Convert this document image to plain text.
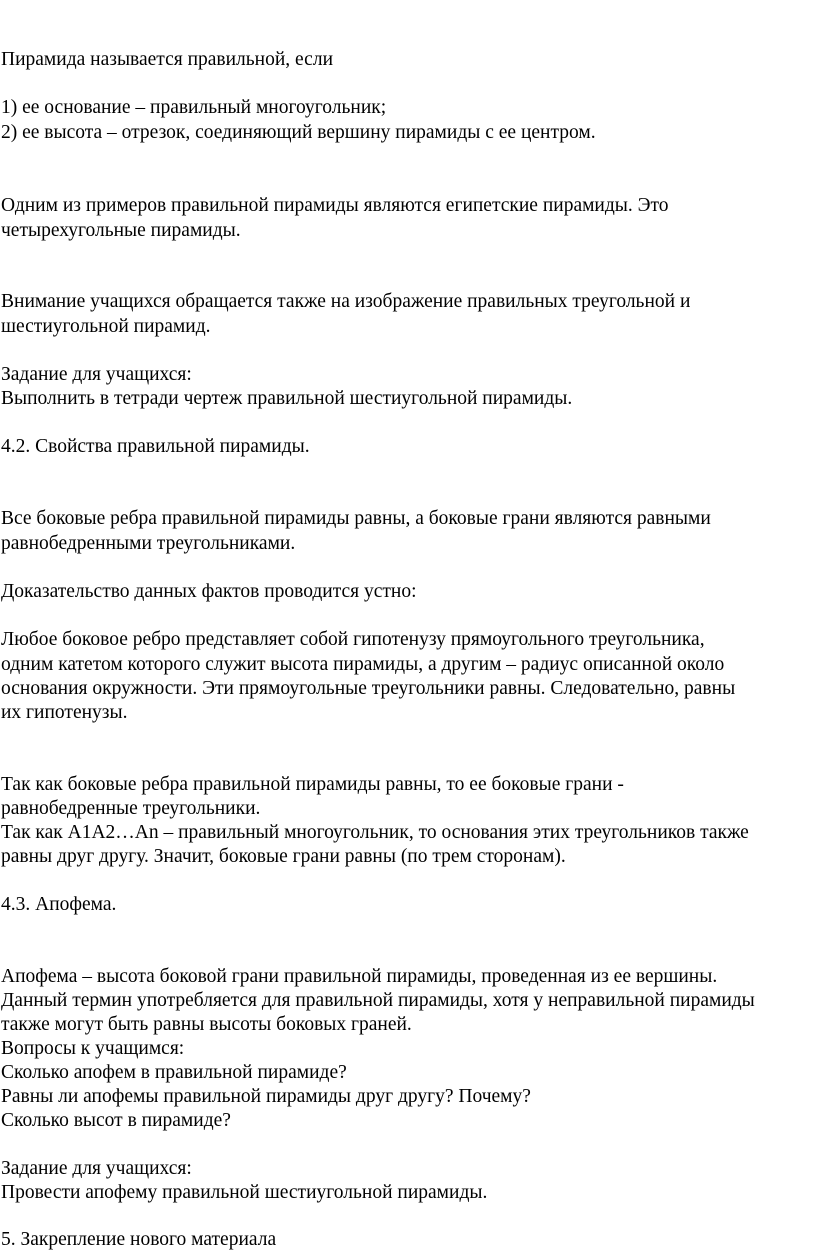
Пирамида называется правильной, если
1) ее основание – правильный многоугольник;
2) ее высота – отрезок, соединяющий вершину пирамиды с ее центром.
Одним из примеров правильной пирамиды являются египетские пирамиды. Это
четырехугольные пирамиды.
Внимание учащихся обращается также на изображение правильных треугольной и
шестиугольной пирамид.
Задание для учащихся:
Выполнить в тетради чертеж правильной шестиугольной пирамиды.
4.2. Свойства правильной пирамиды.
Все боковые ребра правильной пирамиды равны, а боковые грани являются равными
равнобедренными треугольниками.
Доказательство данных фактов проводится устно:
Любое боковое ребро представляет собой гипотенузу прямоугольного треугольника,
одним катетом которого служит высота пирамиды, а другим – радиус описанной около
основания окружности. Эти прямоугольные треугольники равны. Следовательно, равны
их гипотенузы.
Так как боковые ребра правильной пирамиды равны, то ее боковые грани -
равнобедренные треугольники.
Так как А1А2…Аn – правильный многоугольник, то основания этих треугольников также
равны друг другу. Значит, боковые грани равны (по трем сторонам).
4.3. Апофема.
Апофема – высота боковой грани правильной пирамиды, проведенная из ее вершины.
Данный термин употребляется для правильной пирамиды, хотя у неправильной пирамиды
также могут быть равны высоты боковых граней.
Вопросы к учащимся:
Сколько апофем в правильной пирамиде?
Равны ли апофемы правильной пирамиды друг другу? Почему?
Сколько высот в пирамиде?
Задание для учащихся:
Провести апофему правильной шестиугольной пирамиды.
5. Закрепление нового материала
